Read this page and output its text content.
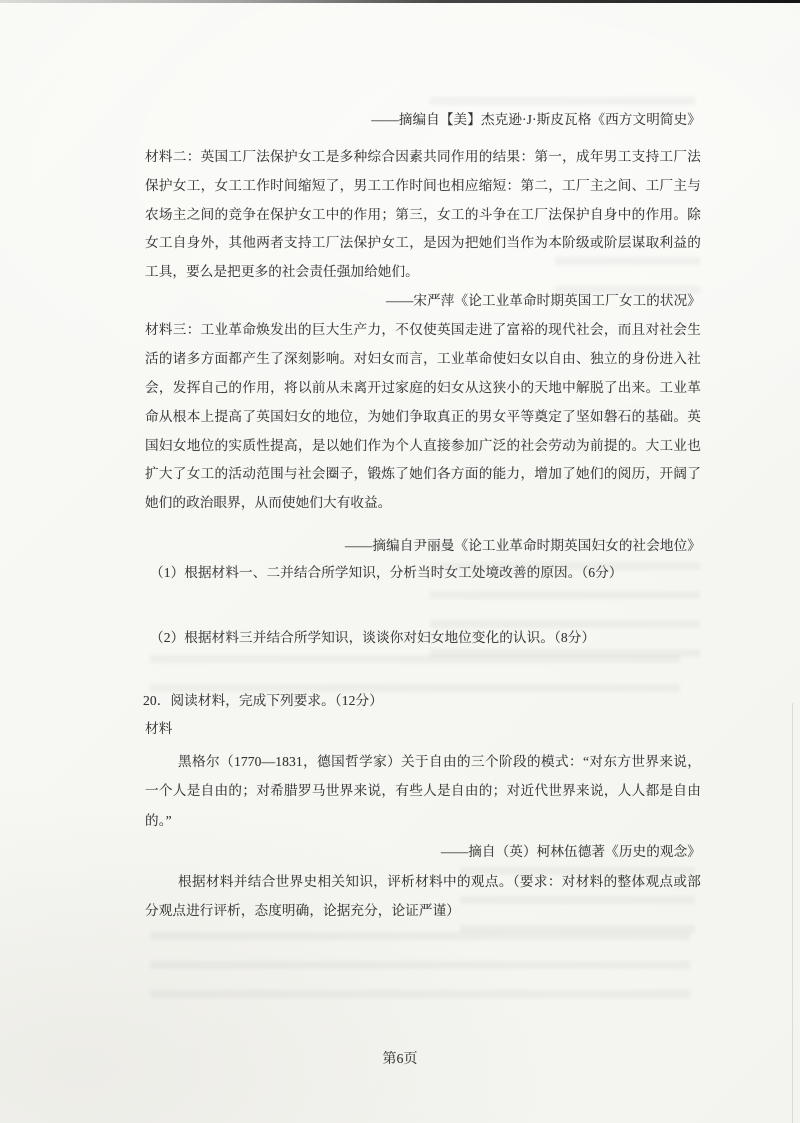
——摘编自【美】杰克逊·J·斯皮瓦格《西方文明简史》
材料二：英国工厂法保护女工是多种综合因素共同作用的结果：第一，成年男工支持工厂法
保护女工，女工工作时间缩短了，男工工作时间也相应缩短：第二，工厂主之间、工厂主与
农场主之间的竞争在保护女工中的作用；第三，女工的斗争在工厂法保护自身中的作用。除
女工自身外，其他两者支持工厂法保护女工，是因为把她们当作为本阶级或阶层谋取利益的
工具，要么是把更多的社会责任强加给她们。
——宋严萍《论工业革命时期英国工厂女工的状况》
材料三：工业革命焕发出的巨大生产力，不仅使英国走进了富裕的现代社会，而且对社会生
活的诸多方面都产生了深刻影响。对妇女而言，工业革命使妇女以自由、独立的身份进入社
会，发挥自己的作用，将以前从未离开过家庭的妇女从这狭小的天地中解脱了出来。工业革
命从根本上提高了英国妇女的地位，为她们争取真正的男女平等奠定了坚如磐石的基础。英
国妇女地位的实质性提高，是以她们作为个人直接参加广泛的社会劳动为前提的。大工业也
扩大了女工的活动范围与社会圈子，锻炼了她们各方面的能力，增加了她们的阅历，开阔了
她们的政治眼界，从而使她们大有收益。
——摘编自尹丽曼《论工业革命时期英国妇女的社会地位》
（1）根据材料一、二并结合所学知识，分析当时女工处境改善的原因。（6分）
（2）根据材料三并结合所学知识，谈谈你对妇女地位变化的认识。（8分）
20．阅读材料，完成下列要求。（12分）
材料
黑格尔（1770—1831，德国哲学家）关于自由的三个阶段的模式：“对东方世界来说，
一个人是自由的；对希腊罗马世界来说，有些人是自由的；对近代世界来说，人人都是自由
的。”
——摘自（英）柯林伍德著《历史的观念》
根据材料并结合世界史相关知识，评析材料中的观点。（要求：对材料的整体观点或部
分观点进行评析，态度明确，论据充分，论证严谨）
第6页
